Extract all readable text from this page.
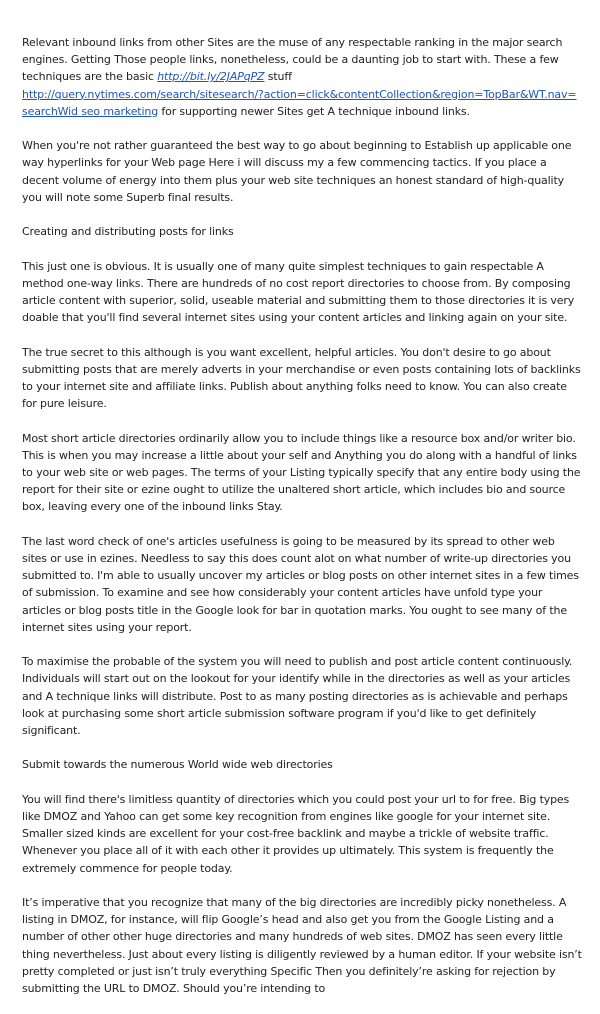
Relevant inbound links from other Sites are the muse of any respectable ranking in the major search engines. Getting Those people links, nonetheless, could be a daunting job to start with. These a few techniques are the basic http://bit.ly/2JAPqPZ stuff
http://query.nytimes.com/search/sitesearch/?action=click&contentCollection&region=TopBar&WT.nav=searchWid seo marketing for supporting newer Sites get A technique inbound links.

When you're not rather guaranteed the best way to go about beginning to Establish up applicable one way hyperlinks for your Web page Here i will discuss my a few commencing tactics. If you place a decent volume of energy into them plus your web site techniques an honest standard of high-quality you will note some Superb final results.

Creating and distributing posts for links

This just one is obvious. It is usually one of many quite simplest techniques to gain respectable A method one-way links. There are hundreds of no cost report directories to choose from. By composing article content with superior, solid, useable material and submitting them to those directories it is very doable that you'll find several internet sites using your content articles and linking again on your site.

The true secret to this although is you want excellent, helpful articles. You don't desire to go about submitting posts that are merely adverts in your merchandise or even posts containing lots of backlinks to your internet site and affiliate links. Publish about anything folks need to know. You can also create for pure leisure.

Most short article directories ordinarily allow you to include things like a resource box and/or writer bio. This is when you may increase a little about your self and Anything you do along with a handful of links to your web site or web pages. The terms of your Listing typically specify that any entire body using the report for their site or ezine ought to utilize the unaltered short article, which includes bio and source box, leaving every one of the inbound links Stay.

The last word check of one's articles usefulness is going to be measured by its spread to other web sites or use in ezines. Needless to say this does count alot on what number of write-up directories you submitted to. I'm able to usually uncover my articles or blog posts on other internet sites in a few times of submission. To examine and see how considerably your content articles have unfold type your articles or blog posts title in the Google look for bar in quotation marks. You ought to see many of the internet sites using your report.

To maximise the probable of the system you will need to publish and post article content continuously. Individuals will start out on the lookout for your identify while in the directories as well as your articles and A technique links will distribute. Post to as many posting directories as is achievable and perhaps look at purchasing some short article submission software program if you'd like to get definitely significant.

Submit towards the numerous World wide web directories

You will find there's limitless quantity of directories which you could post your url to for free. Big types like DMOZ and Yahoo can get some key recognition from engines like google for your internet site. Smaller sized kinds are excellent for your cost-free backlink and maybe a trickle of website traffic. Whenever you place all of it with each other it provides up ultimately. This system is frequently the extremely commence for people today.

It’s imperative that you recognize that many of the big directories are incredibly picky nonetheless. A listing in DMOZ, for instance, will flip Google’s head and also get you from the Google Listing and a number of other other huge directories and many hundreds of web sites. DMOZ has seen every little thing nevertheless. Just about every listing is diligently reviewed by a human editor. If your website isn’t pretty completed or just isn’t truly everything Specific Then you definitely’re asking for rejection by submitting the URL to DMOZ. Should you’re intending to
